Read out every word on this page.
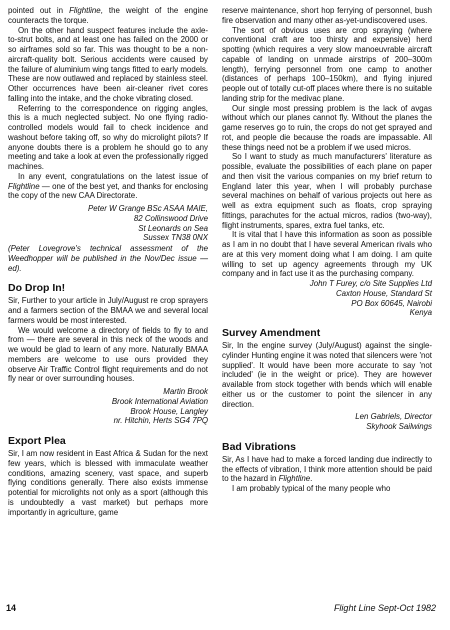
pointed out in Flightline, the weight of the engine counteracts the torque.

On the other hand suspect features include the axle-to-strut bolts, and at least one has failed on the 2000 or so airframes sold so far. This was thought to be a non-aircraft-quality bolt. Serious accidents were caused by the failure of aluminium wing tangs fitted to early models. These are now outlawed and replaced by stainless steel. Other occurrences have been air-cleaner rivet cores falling into the intake, and the choke vibrating closed.

Referring to the correspondence on rigging angles, this is a much neglected subject. No one flying radio-controlled models would fail to check incidence and washout before taking off, so why do microlight pilots? If anyone doubts there is a problem he should go to any meeting and take a look at even the professionally rigged machines.

In any event, congratulations on the latest issue of Flightline — one of the best yet, and thanks for enclosing the copy of the new CAA Directorate.

Peter W Grange BSc ASAA MAIE,
82 Collinswood Drive
St Leonards on Sea
Sussex TN38 0NX

(Peter Lovegrove's technical assessment of the Weedhopper will be published in the Nov/Dec issue — ed).

Do Drop In!

Sir, Further to your article in July/August re crop sprayers and a farmers section of the BMAA we and several local farmers would be most interested.

We would welcome a directory of fields to fly to and from — there are several in this neck of the woods and we would be glad to learn of any more. Naturally BMAA members are welcome to use ours provided they observe Air Traffic Control flight requirements and do not fly near or over surrounding houses.

Martin Brook
Brook International Aviation
Brook House, Langley
nr. Hitchin, Herts SG4 7PQ
Export Plea

Sir, I am now resident in East Africa & Sudan for the next few years, which is blessed with immaculate weather conditions, amazing scenery, vast space, and superb flying conditions generally. There also exists immense potential for microlights not only as a sport (although this is undoubtedly a vast market) but perhaps more importantly in agriculture, game

reserve maintenance, short hop ferrying of personnel, bush fire observation and many other as-yet-undiscovered uses.

The sort of obvious uses are crop spraying (where conventional craft are too thirsty and expensive) herd spotting (which requires a very slow manoeuvrable aircraft capable of landing on unmade airstrips of 200–300m length), ferrying personnel from one camp to another (distances of perhaps 100–150km), and flying injured people out of totally cut-off places where there is no suitable landing strip for the medivac plane.

Our single most pressing problem is the lack of avgas without which our planes cannot fly. Without the planes the game reserves go to ruin, the crops do not get sprayed and rot, and people die because the roads are impassable. All these things need not be a problem if we used micros.

So I want to study as much manufacturers' literature as possible, evaluate the possibilities of each plane on paper and then visit the various companies on my brief return to England later this year, when I will probably purchase several machines on behalf of various projects out here as well as extra equipment such as floats, crop spraying fittings, parachutes for the actual micros, radios (two-way), flight instruments, spares, extra fuel tanks, etc.

It is vital that I have this information as soon as possible as I am in no doubt that I have several American rivals who are at this very moment doing what I am doing. I am quite willing to set up agency agreements through my UK company and in fact use it as the purchasing company.

John T Furey, c/o Site Supplies Ltd
Caxton House, Standard St
PO Box 60645, Nairobi
Kenya
Survey Amendment

Sir, In the engine survey (July/August) against the single-cylinder Hunting engine it was noted that silencers were 'not supplied'. It would have been more accurate to say 'not included' (ie in the weight or price). They are however available from stock together with bends which will enable either us or the customer to point the silencer in any direction.

Len Gabriels, Director
Skyhook Sailwings
Bad Vibrations

Sir, As I have had to make a forced landing due indirectly to the effects of vibration, I think more attention should be paid to the hazard in Flightline.

I am probably typical of the many people who

14	Flight Line Sept-Oct 1982
